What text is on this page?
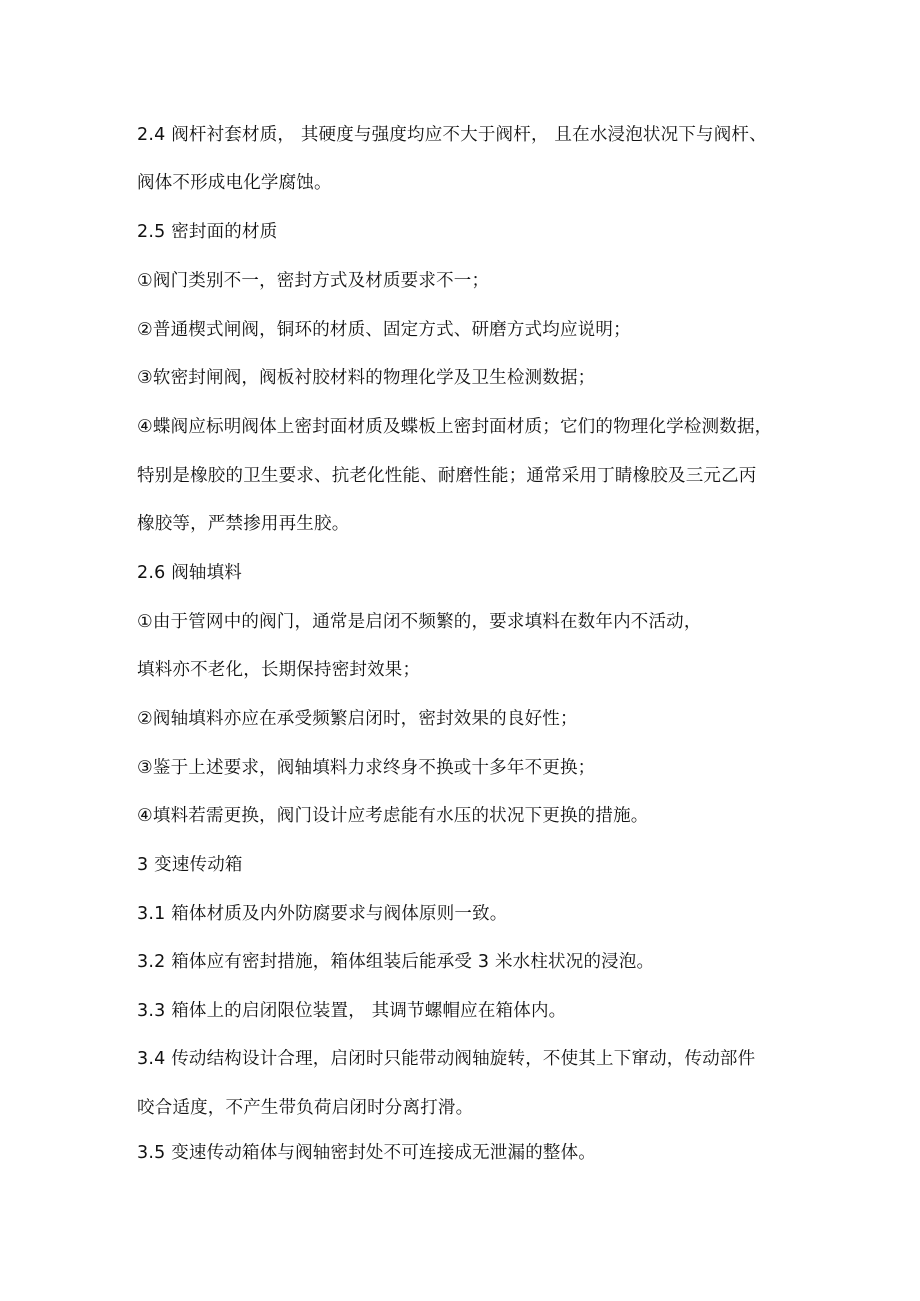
2.4 阀杆衬套材质， 其硬度与强度均应不大于阀杆， 且在水浸泡状况下与阀杆、
阀体不形成电化学腐蚀。
2.5 密封面的材质
①阀门类别不一，密封方式及材质要求不一；
②普通楔式闸阀，铜环的材质、固定方式、研磨方式均应说明；
③软密封闸阀，阀板衬胶材料的物理化学及卫生检测数据；
④蝶阀应标明阀体上密封面材质及蝶板上密封面材质；它们的物理化学检测数据，
特别是橡胶的卫生要求、抗老化性能、耐磨性能；通常采用丁睛橡胶及三元乙丙
橡胶等，严禁掺用再生胶。
2.6 阀轴填料
①由于管网中的阀门，通常是启闭不频繁的，要求填料在数年内不活动，
填料亦不老化，长期保持密封效果；
②阀轴填料亦应在承受频繁启闭时，密封效果的良好性；
③鉴于上述要求，阀轴填料力求终身不换或十多年不更换；
④填料若需更换，阀门设计应考虑能有水压的状况下更换的措施。
3 变速传动箱
3.1 箱体材质及内外防腐要求与阀体原则一致。
3.2 箱体应有密封措施，箱体组装后能承受 3 米水柱状况的浸泡。
3.3 箱体上的启闭限位装置， 其调节螺帽应在箱体内。
3.4 传动结构设计合理，启闭时只能带动阀轴旋转，不使其上下窜动，传动部件
咬合适度，不产生带负荷启闭时分离打滑。
3.5 变速传动箱体与阀轴密封处不可连接成无泄漏的整体。
